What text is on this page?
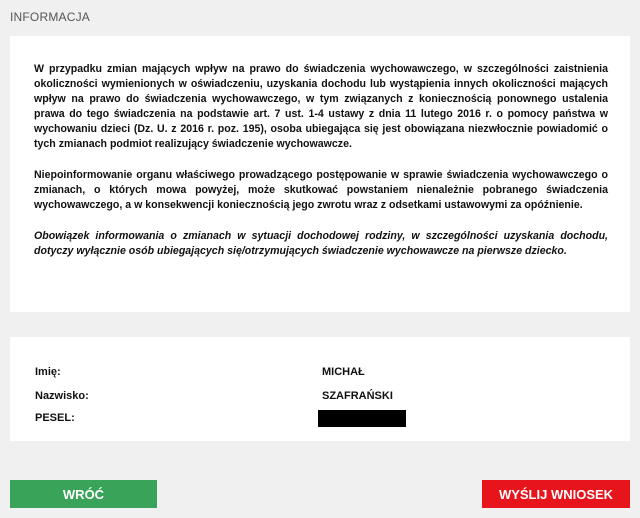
INFORMACJA

W przypadku zmian mających wpływ na prawo do świadczenia wychowawczego, w szczególności zaistnienia okoliczności wymienionych w oświadczeniu, uzyskania dochodu lub wystąpienia innych okoliczności mających wpływ na prawo do świadczenia wychowawczego, w tym związanych z koniecznością ponownego ustalenia prawa do tego świadczenia na podstawie art. 7 ust. 1-4 ustawy z dnia 11 lutego 2016 r. o pomocy państwa w wychowaniu dzieci (Dz. U. z 2016 r. poz. 195), osoba ubiegająca się jest obowiązana niezwłocznie powiadomić o tych zmianach podmiot realizujący świadczenie wychowawcze.

Niepoinformowanie organu właściwego prowadzącego postępowanie w sprawie świadczenia wychowawczego o zmianach, o których mowa powyżej, może skutkować powstaniem nienależnie pobranego świadczenia wychowawczego, a w konsekwencji koniecznością jego zwrotu wraz z odsetkami ustawowymi za opóźnienie.

Obowiązek informowania o zmianach w sytuacji dochodowej rodziny, w szczególności uzyskania dochodu, dotyczy wyłącznie osób ubiegających się/otrzymujących świadczenie wychowawcze na pierwsze dziecko.

Imię:	MICHAŁ
Nazwisko:	SZAFRAŃSKI
PESEL:
WRÓĆ	WYŚLIJ WNIOSEK
